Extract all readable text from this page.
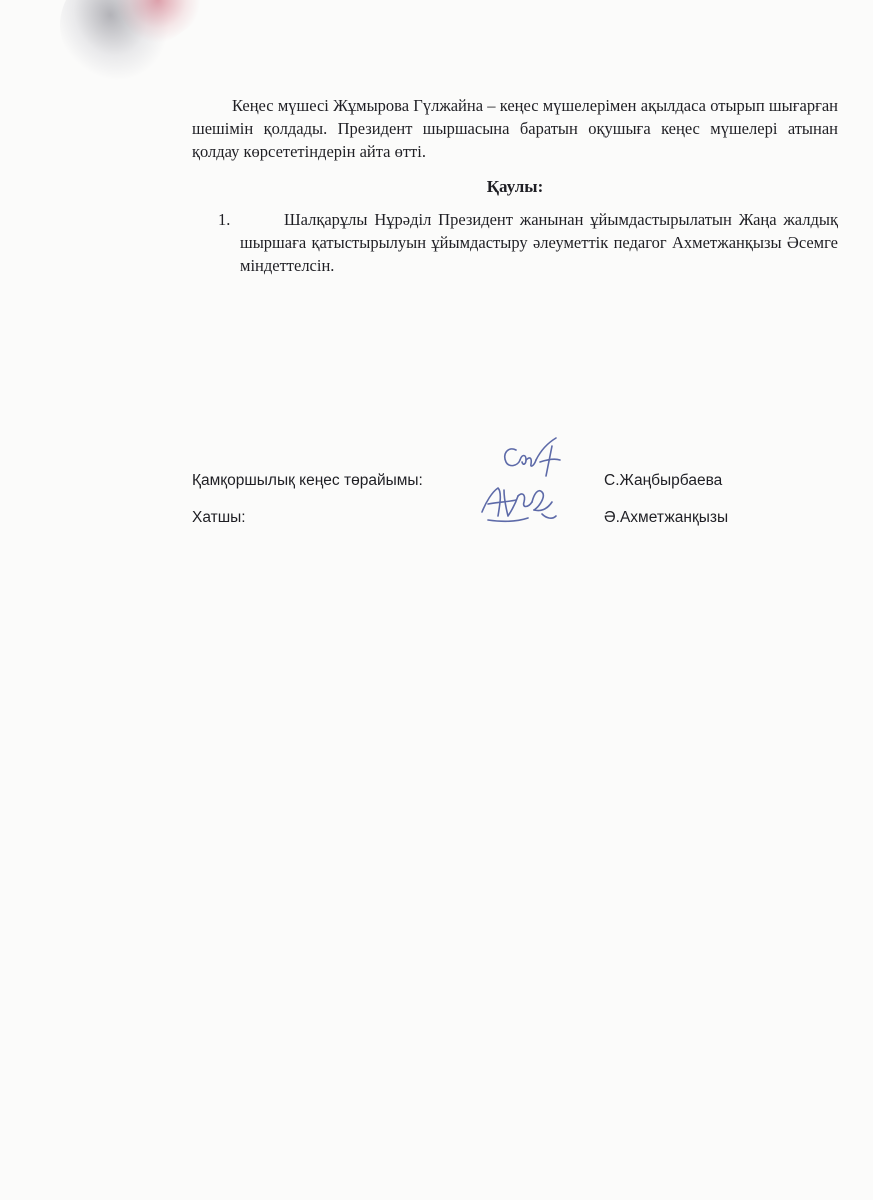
Кеңес мүшесі Жұмырова Гүлжайна – кеңес мүшелерімен ақылдаса отырып шығарған шешімін қолдады. Президент шыршасына баратын оқушыға кеңес мүшелері атынан қолдау көрсететіндерін айта өтті.

Қаулы:

1.	Шалқарұлы Нұрәділ Президент жанынан ұйымдастырылатын Жаңа жалдық шыршаға қатыстырылуын ұйымдастыру әлеуметтік педагог Ахметжанқызы Әсемге міндеттелсін.
Қамқоршылық кеңес төрайымы:	С.Жаңбырбаева
Хатшы:	Ә.Ахметжанқызы
